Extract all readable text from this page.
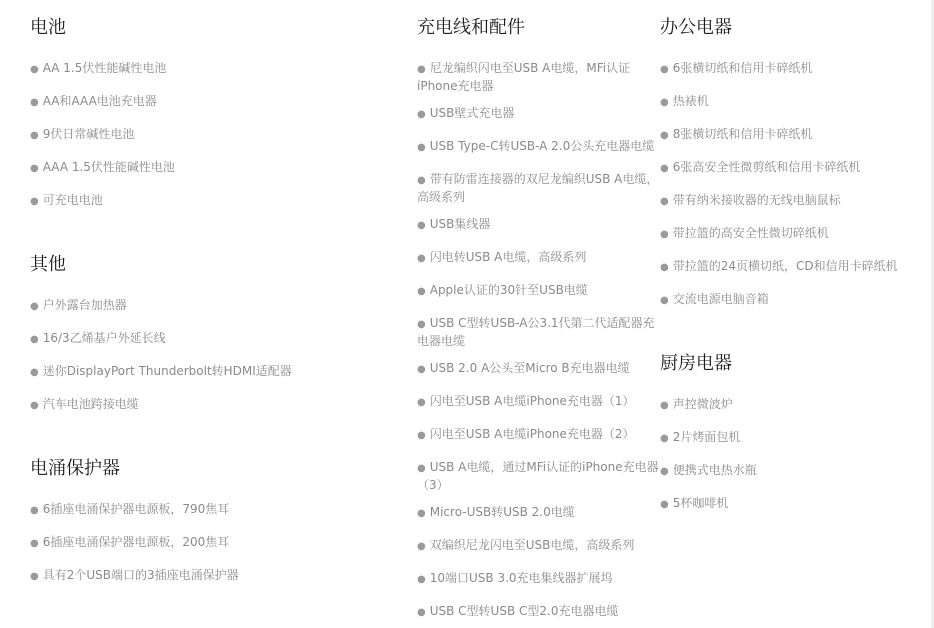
电池
● AA 1.5伏性能碱性电池
● AA和AAA电池充电器
● 9伏日常碱性电池
● AAA 1.5伏性能碱性电池
● 可充电电池
其他
● 户外露台加热器
● 16/3乙烯基户外延长线
● 迷你DisplayPort Thunderbolt转HDMI适配器
● 汽车电池跨接电缆
电涌保护器
● 6插座电涌保护器电源板，790焦耳
● 6插座电涌保护器电源板，200焦耳
● 具有2个USB端口的3插座电涌保护器
充电线和配件
● 尼龙编织闪电至USB A电缆，MFi认证iPhone充电器
● USB壁式充电器
● USB Type-C转USB-A 2.0公头充电器电缆
● 带有防雷连接器的双尼龙编织USB A电缆，高级系列
● USB集线器
● 闪电转USB A电缆，高级系列
● Apple认证的30针至USB电缆
● USB C型转USB-A公3.1代第二代适配器充电器电缆
● USB 2.0 A公头至Micro B充电器电缆
● 闪电至USB A电缆iPhone充电器（1）
● 闪电至USB A电缆iPhone充电器（2）
● USB A电缆，通过MFi认证的iPhone充电器（3）
● Micro-USB转USB 2.0电缆
● 双编织尼龙闪电至USB电缆，高级系列
● 10端口USB 3.0充电集线器扩展坞
● USB C型转USB C型2.0充电器电缆
办公电器
● 6张横切纸和信用卡碎纸机
● 热裱机
● 8张横切纸和信用卡碎纸机
● 6张高安全性微剪纸和信用卡碎纸机
● 带有纳米接收器的无线电脑鼠标
● 带拉篮的高安全性微切碎纸机
● 带拉篮的24页横切纸，CD和信用卡碎纸机
● 交流电源电脑音箱
厨房电器
● 声控微波炉
● 2片烤面包机
● 便携式电热水瓶
● 5杯咖啡机
